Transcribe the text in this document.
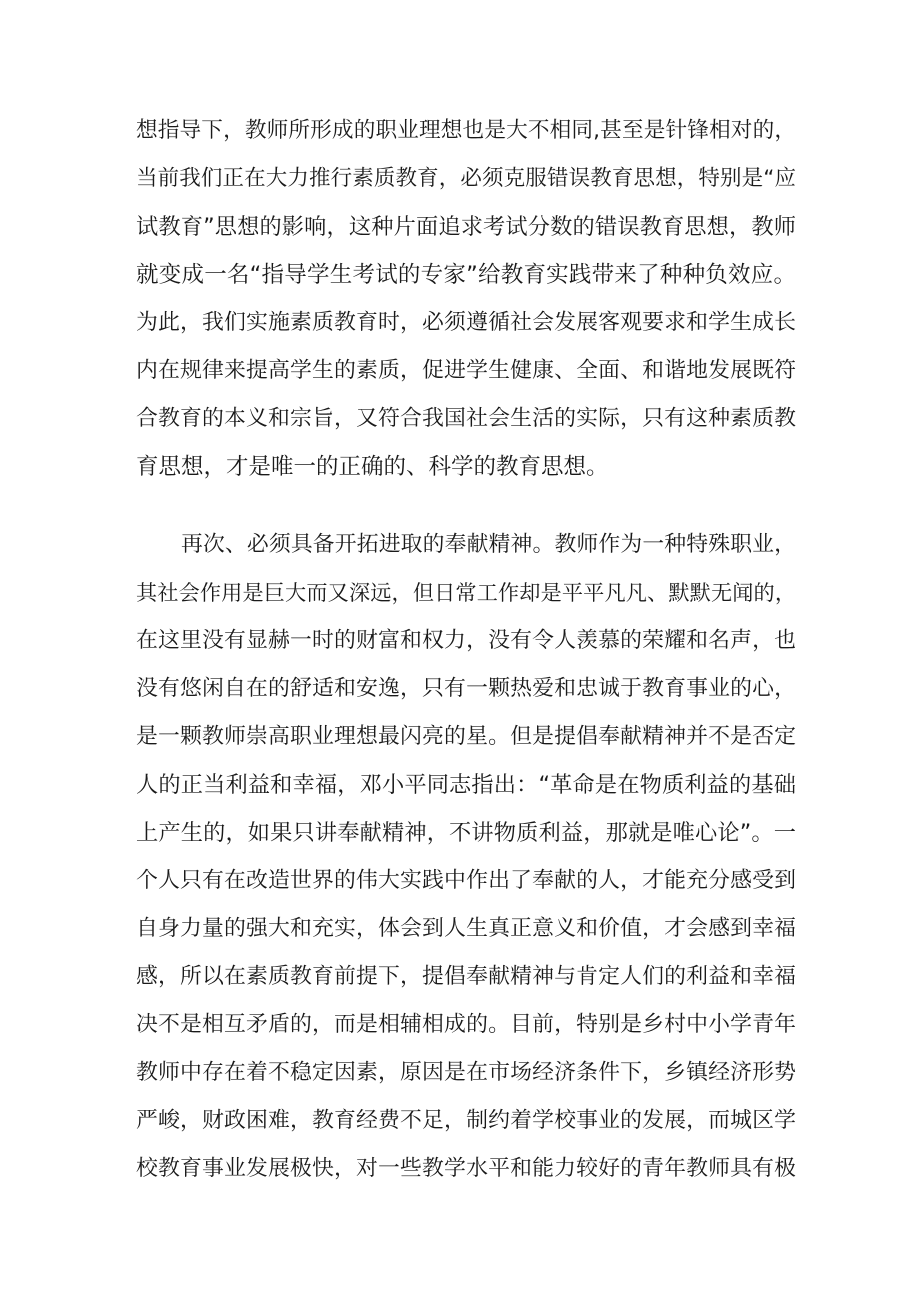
想指导下，教师所形成的职业理想也是大不相同,甚至是针锋相对的，
当前我们正在大力推行素质教育，必须克服错误教育思想，特别是“应
试教育”思想的影响，这种片面追求考试分数的错误教育思想，教师
就变成一名“指导学生考试的专家”给教育实践带来了种种负效应。
为此，我们实施素质教育时，必须遵循社会发展客观要求和学生成长
内在规律来提高学生的素质，促进学生健康、全面、和谐地发展既符
合教育的本义和宗旨，又符合我国社会生活的实际，只有这种素质教
育思想，才是唯一的正确的、科学的教育思想。
再次、必须具备开拓进取的奉献精神。教师作为一种特殊职业，
其社会作用是巨大而又深远，但日常工作却是平平凡凡、默默无闻的，
在这里没有显赫一时的财富和权力，没有令人羡慕的荣耀和名声，也
没有悠闲自在的舒适和安逸，只有一颗热爱和忠诚于教育事业的心，
是一颗教师崇高职业理想最闪亮的星。但是提倡奉献精神并不是否定
人的正当利益和幸福，邓小平同志指出：“革命是在物质利益的基础
上产生的，如果只讲奉献精神，不讲物质利益，那就是唯心论”。一
个人只有在改造世界的伟大实践中作出了奉献的人，才能充分感受到
自身力量的强大和充实，体会到人生真正意义和价值，才会感到幸福
感，所以在素质教育前提下，提倡奉献精神与肯定人们的利益和幸福
决不是相互矛盾的，而是相辅相成的。目前，特别是乡村中小学青年
教师中存在着不稳定因素，原因是在市场经济条件下，乡镇经济形势
严峻，财政困难，教育经费不足，制约着学校事业的发展，而城区学
校教育事业发展极快，对一些教学水平和能力较好的青年教师具有极
